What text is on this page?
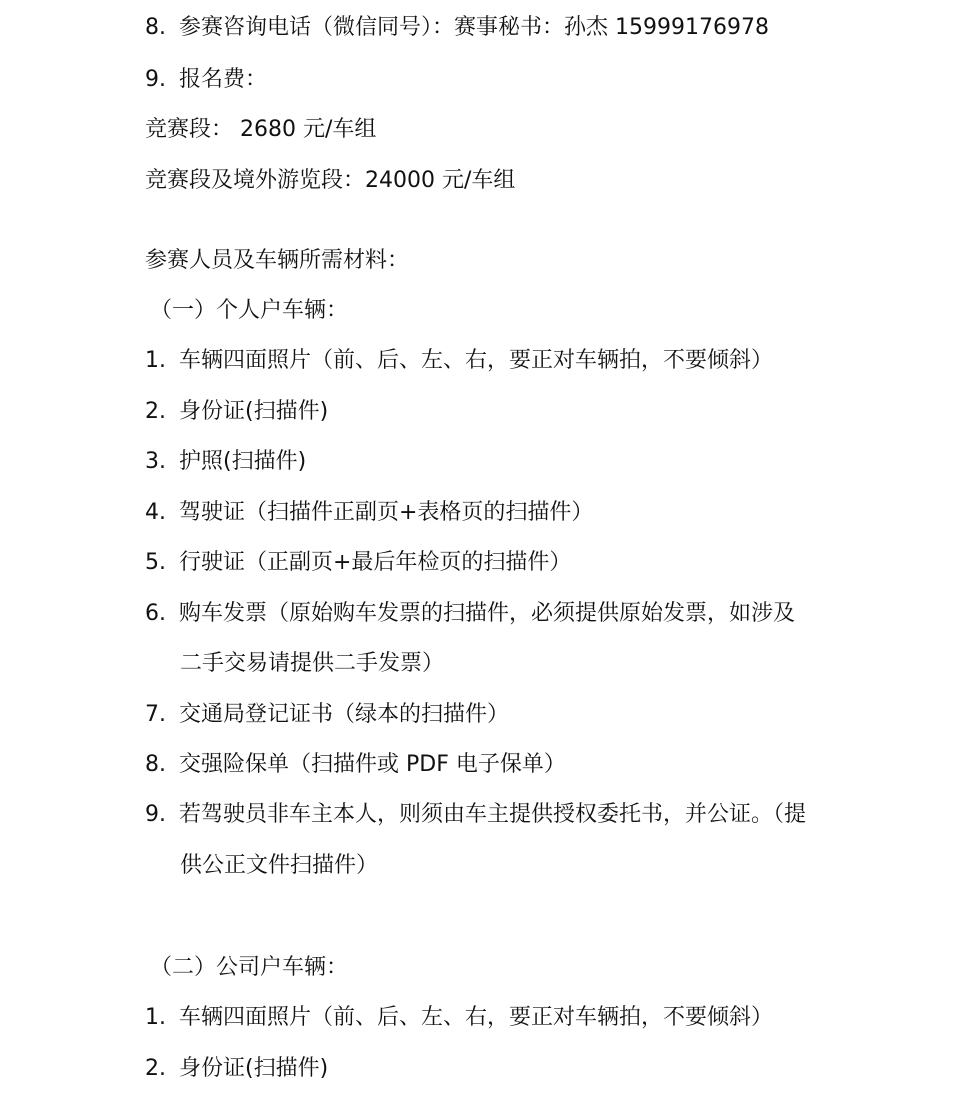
8. 参赛咨询电话（微信同号）：赛事秘书：孙杰 15999176978
9. 报名费：
竞赛段： 2680 元/车组
竞赛段及境外游览段：24000 元/车组
参赛人员及车辆所需材料：
（一）个人户车辆：
1. 车辆四面照片（前、后、左、右，要正对车辆拍，不要倾斜）
2. 身份证(扫描件)
3. 护照(扫描件)
4. 驾驶证（扫描件正副页+表格页的扫描件）
5. 行驶证（正副页+最后年检页的扫描件）
6. 购车发票（原始购车发票的扫描件，必须提供原始发票，如涉及
二手交易请提供二手发票）
7. 交通局登记证书（绿本的扫描件）
8. 交强险保单（扫描件或 PDF 电子保单）
9. 若驾驶员非车主本人，则须由车主提供授权委托书，并公证。（提
供公正文件扫描件）
（二）公司户车辆：
1. 车辆四面照片（前、后、左、右，要正对车辆拍，不要倾斜）
2. 身份证(扫描件)
